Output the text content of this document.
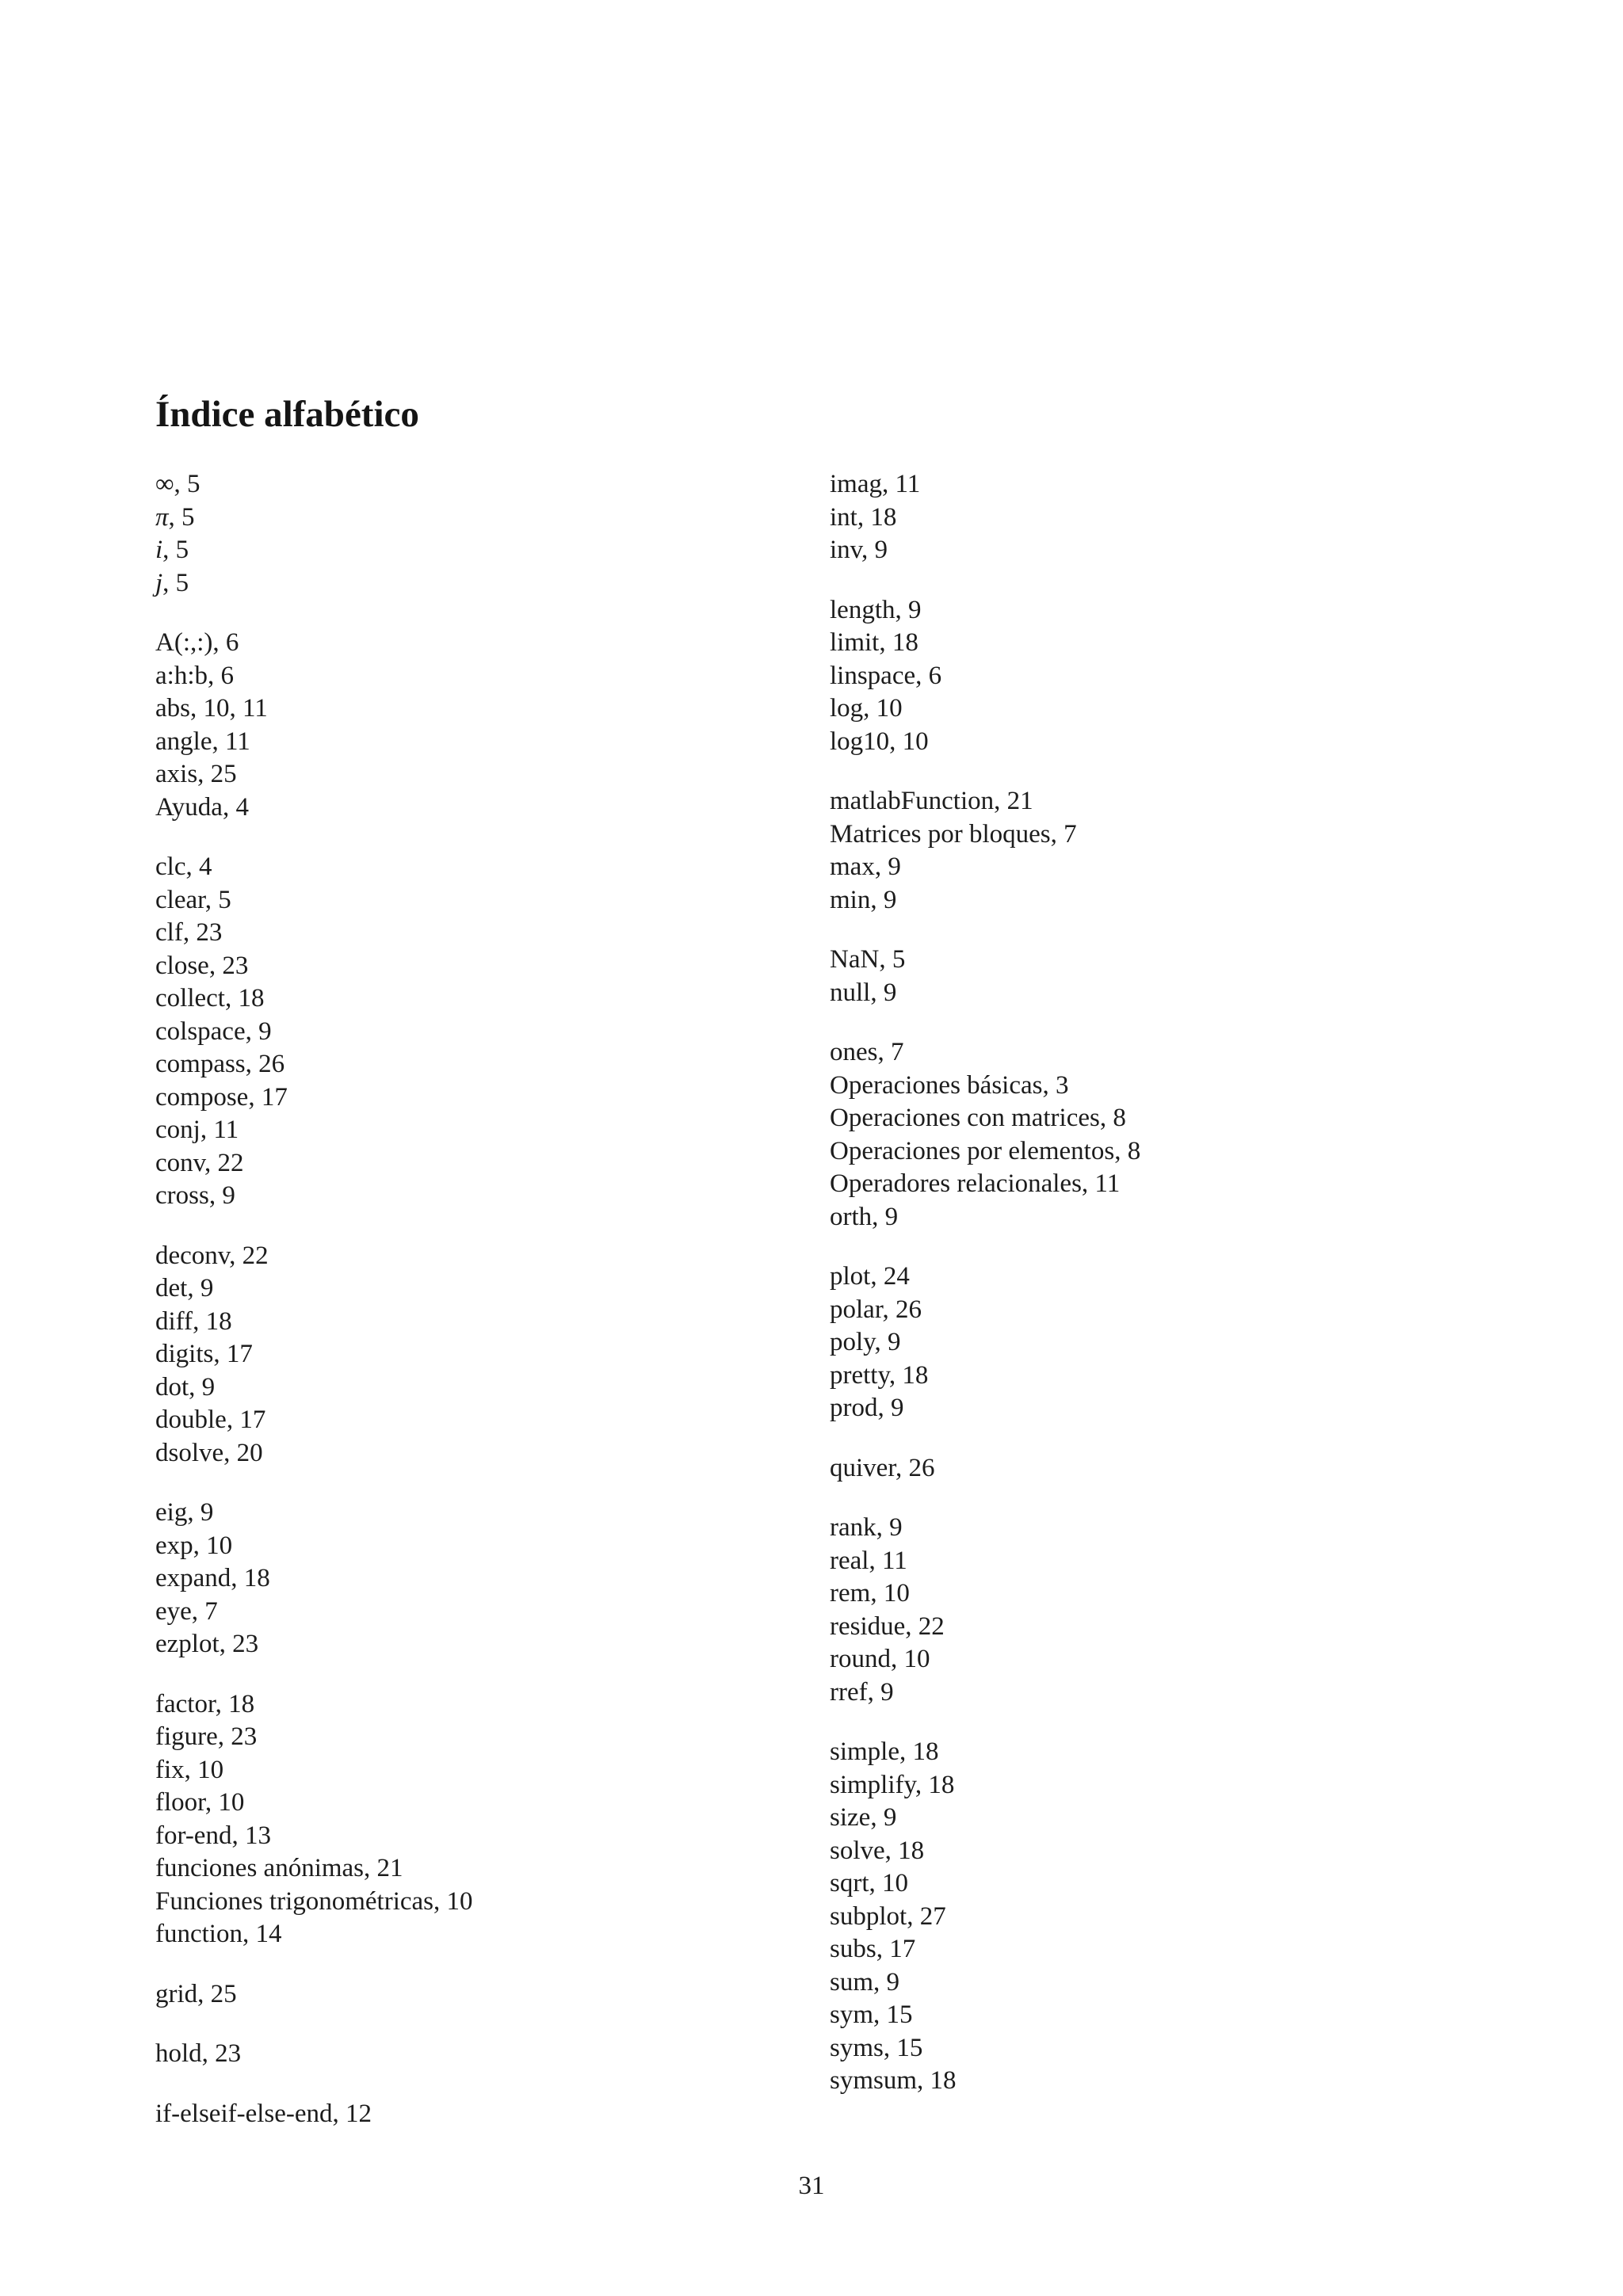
Índice alfabético
∞, 5
π, 5
i, 5
j, 5
A(:,:), 6
a:h:b, 6
abs, 10, 11
angle, 11
axis, 25
Ayuda, 4
clc, 4
clear, 5
clf, 23
close, 23
collect, 18
colspace, 9
compass, 26
compose, 17
conj, 11
conv, 22
cross, 9
deconv, 22
det, 9
diff, 18
digits, 17
dot, 9
double, 17
dsolve, 20
eig, 9
exp, 10
expand, 18
eye, 7
ezplot, 23
factor, 18
figure, 23
fix, 10
floor, 10
for-end, 13
funciones anónimas, 21
Funciones trigonométricas, 10
function, 14
grid, 25
hold, 23
if-elseif-else-end, 12
imag, 11
int, 18
inv, 9
length, 9
limit, 18
linspace, 6
log, 10
log10, 10
matlabFunction, 21
Matrices por bloques, 7
max, 9
min, 9
NaN, 5
null, 9
ones, 7
Operaciones básicas, 3
Operaciones con matrices, 8
Operaciones por elementos, 8
Operadores relacionales, 11
orth, 9
plot, 24
polar, 26
poly, 9
pretty, 18
prod, 9
quiver, 26
rank, 9
real, 11
rem, 10
residue, 22
round, 10
rref, 9
simple, 18
simplify, 18
size, 9
solve, 18
sqrt, 10
subplot, 27
subs, 17
sum, 9
sym, 15
syms, 15
symsum, 18
31
